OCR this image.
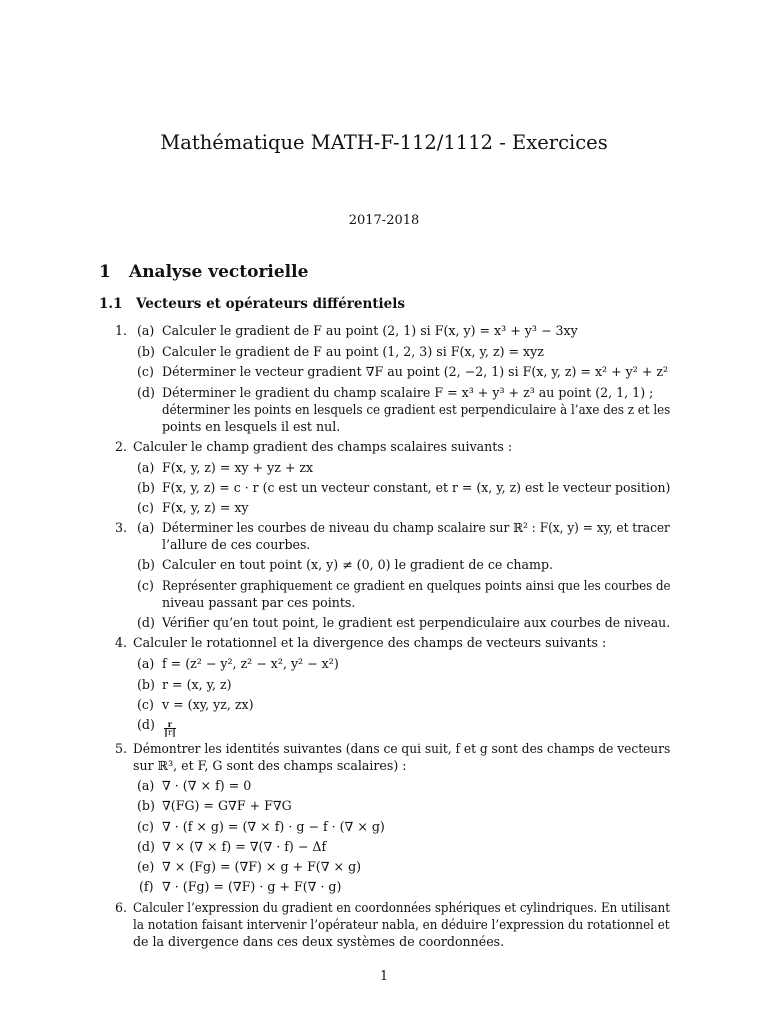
Mathématique MATH-F-112/1112 - Exercices
2017-2018
1 Analyse vectorielle
1.1 Vecteurs et opérateurs différentiels
1. (a) Calculer le gradient de F au point (2, 1) si F(x, y) = x³ + y³ − 3xy
(b) Calculer le gradient de F au point (1, 2, 3) si F(x, y, z) = xyz
(c) Déterminer le vecteur gradient ∇F au point (2, −2, 1) si F(x, y, z) = x² + y² + z²
(d) Déterminer le gradient du champ scalaire F = x³ + y³ + z³ au point (2, 1, 1) ;
déterminer les points en lesquels ce gradient est perpendiculaire à l’axe des z et les
points en lesquels il est nul.
2. Calculer le champ gradient des champs scalaires suivants :
(a) F(x, y, z) = xy + yz + zx
(b) F(x, y, z) = c · r (c est un vecteur constant, et r = (x, y, z) est le vecteur position)
(c) F(x, y, z) = xy
3. (a) Déterminer les courbes de niveau du champ scalaire sur ℝ² : F(x, y) = xy, et tracer
l’allure de ces courbes.
(b) Calculer en tout point (x, y) ≠ (0, 0) le gradient de ce champ.
(c) Représenter graphiquement ce gradient en quelques points ainsi que les courbes de
niveau passant par ces points.
(d) Vérifier qu’en tout point, le gradient est perpendiculaire aux courbes de niveau.
4. Calculer le rotationnel et la divergence des champs de vecteurs suivants :
(a) f = (z² − y², z² − x², y² − x²)
(b) r = (x, y, z)
(c) v = (xy, yz, zx)
$(d) \frac{r}{‖r‖}$
5. Démontrer les identités suivantes (dans ce qui suit, f et g sont des champs de vecteurs
sur ℝ³, et F, G sont des champs scalaires) :
(a) ∇ · (∇ × f) = 0
(b) ∇(FG) = G∇F + F∇G
(c) ∇ · (f × g) = (∇ × f) · g − f · (∇ × g)
(d) ∇ × (∇ × f) = ∇(∇ · f) − Δf
(e) ∇ × (Fg) = (∇F) × g + F(∇ × g)
(f) ∇ · (Fg) = (∇F) · g + F(∇ · g)
6. Calculer l’expression du gradient en coordonnées sphériques et cylindriques. En utilisant
la notation faisant intervenir l’opérateur nabla, en déduire l’expression du rotationnel et
de la divergence dans ces deux systèmes de coordonnées.
1
